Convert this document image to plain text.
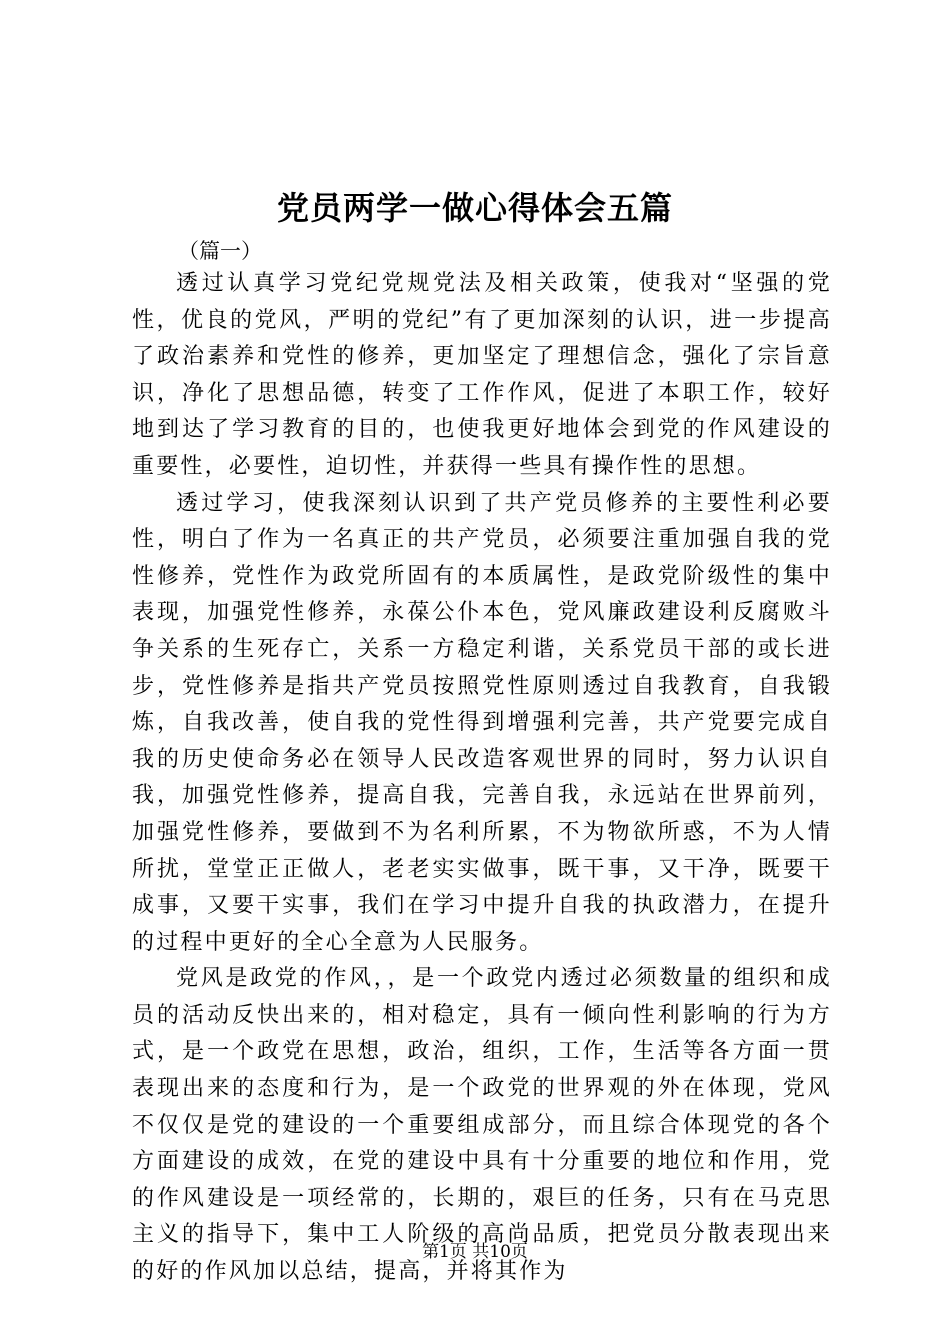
党员两学一做心得体会五篇

（篇一）

透过认真学习党纪党规党法及相关政策，使我对“坚强的党性，优良的党风，严明的党纪”有了更加深刻的认识，进一步提高了政治素养和党性的修养，更加坚定了理想信念，强化了宗旨意识，净化了思想品德，转变了工作作风，促进了本职工作，较好地到达了学习教育的目的，也使我更好地体会到党的作风建设的重要性，必要性，迫切性，并获得一些具有操作性的思想。

透过学习，使我深刻认识到了共产党员修养的主要性利必要性，明白了作为一名真正的共产党员，必须要注重加强自我的党性修养，党性作为政党所固有的本质属性，是政党阶级性的集中表现，加强党性修养，永葆公仆本色，党风廉政建设利反腐败斗争关系的生死存亡，关系一方稳定利谐，关系党员干部的或长进步，党性修养是指共产党员按照党性原则透过自我教育，自我锻炼，自我改善，使自我的党性得到增强利完善，共产党要完成自我的历史使命务必在领导人民改造客观世界的同时，努力认识自我，加强党性修养，提高自我，完善自我，永远站在世界前列，加强党性修养，要做到不为名利所累，不为物欲所惑，不为人情所扰，堂堂正正做人，老老实实做事，既干事，又干净，既要干成事，又要干实事，我们在学习中提升自我的执政潜力，在提升的过程中更好的全心全意为人民服务。

党风是政党的作风，，是一个政党内透过必须数量的组织和成员的活动反快出来的，相对稳定，具有一倾向性利影响的行为方式，是一个政党在思想，政治，组织，工作，生活等各方面一贯表现出来的态度和行为，是一个政党的世界观的外在体现，党风不仅仅是党的建设的一个重要组成部分，而且综合体现党的各个方面建设的成效，在党的建设中具有十分重要的地位和作用，党的作风建设是一项经常的，长期的，艰巨的任务，只有在马克思主义的指导下，集中工人阶级的高尚品质，把党员分散表现出来的好的作风加以总结，提高，并将其作为

第1页 共10页
